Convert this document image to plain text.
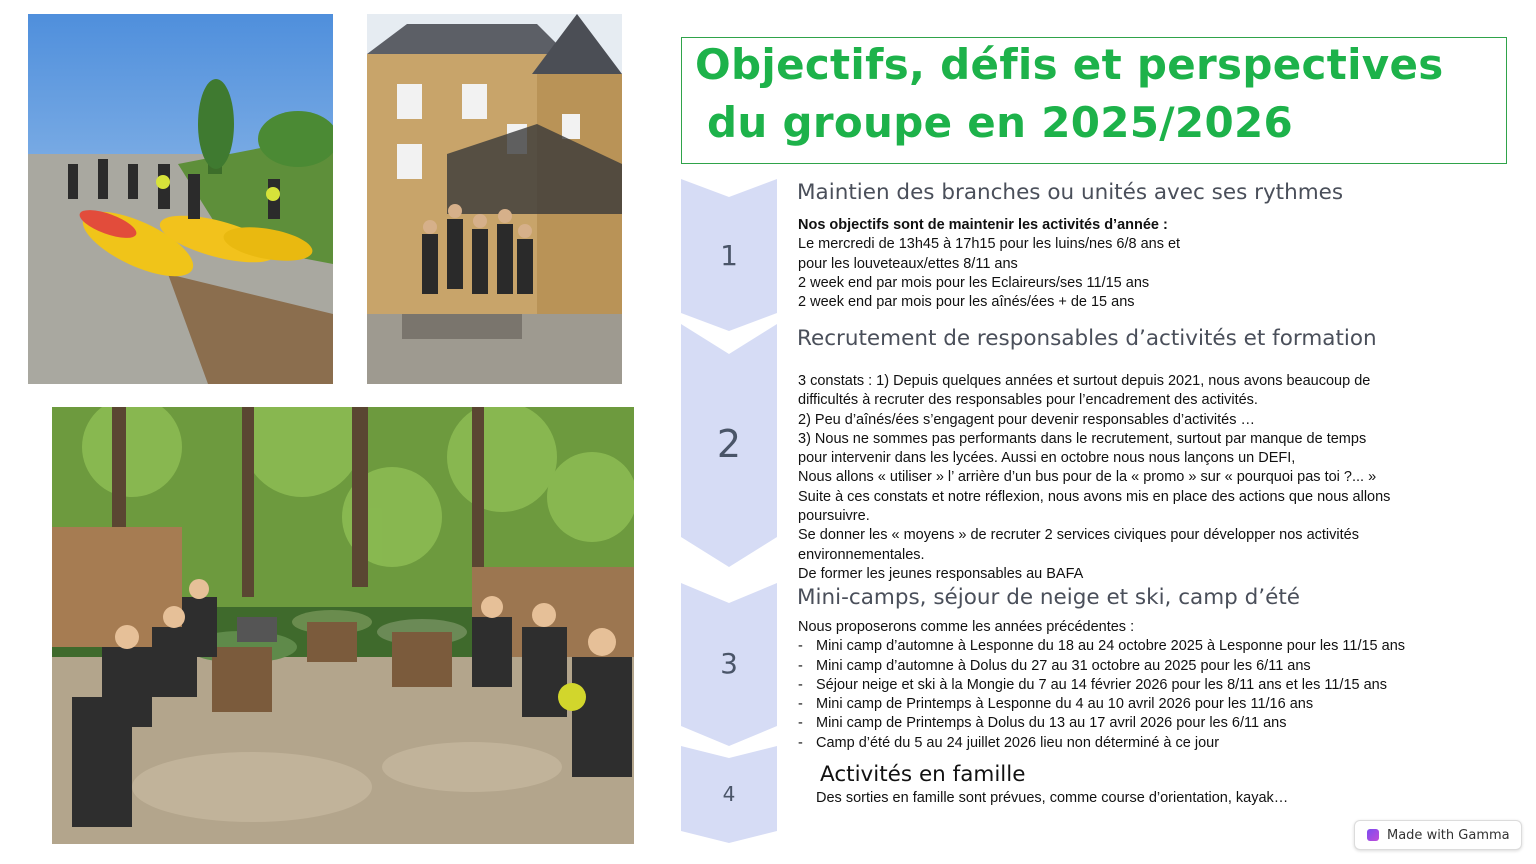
Objectifs, défis et perspectives
du groupe en 2025/2026
1
2
3
4
Maintien des branches ou unités avec ses rythmes
Nos objectifs sont de maintenir les activités d’année :
Le mercredi de 13h45 à 17h15 pour les luins/nes 6/8 ans et
pour les louveteaux/ettes 8/11 ans
2 week end par mois pour les Eclaireurs/ses 11/15 ans
2 week end par mois pour les aînés/ées + de 15 ans
Recrutement de responsables d’activités et formation
3 constats : 1) Depuis quelques années et surtout depuis 2021, nous avons beaucoup de
difficultés à recruter des responsables pour l’encadrement des activités.
2) Peu d’aînés/ées s’engagent pour devenir responsables d’activités …
3) Nous ne sommes pas performants dans le recrutement, surtout par manque de temps
pour intervenir dans les lycées. Aussi en octobre nous nous lançons un DEFI,
Nous allons « utiliser » l’ arrière d’un bus pour de la « promo » sur « pourquoi pas toi ?... »
Suite à ces constats et notre réflexion, nous avons mis en place des actions que nous allons
poursuivre.
Se donner les « moyens » de recruter 2 services civiques pour développer nos activités
environnementales.
De former les jeunes responsables au BAFA
Mini-camps, séjour de neige et ski, camp d’été
Nous proposerons comme les années précédentes :
- Mini camp d’automne à Lesponne du 18 au 24 octobre 2025 à Lesponne pour les 11/15 ans
- Mini camp d’automne à Dolus du 27 au 31 octobre au 2025 pour les 6/11 ans
- Séjour neige et ski à la Mongie du 7 au 14 février 2026 pour les 8/11 ans et les 11/15 ans
- Mini camp de Printemps à Lesponne du 4 au 10 avril 2026 pour les 11/16 ans
- Mini camp de Printemps à Dolus du 13 au 17 avril 2026 pour les 6/11 ans
- Camp d’été du 5 au 24 juillet 2026 lieu non déterminé à ce jour
Activités en famille
Des sorties en famille sont prévues, comme course d’orientation, kayak…
Made with Gamma
